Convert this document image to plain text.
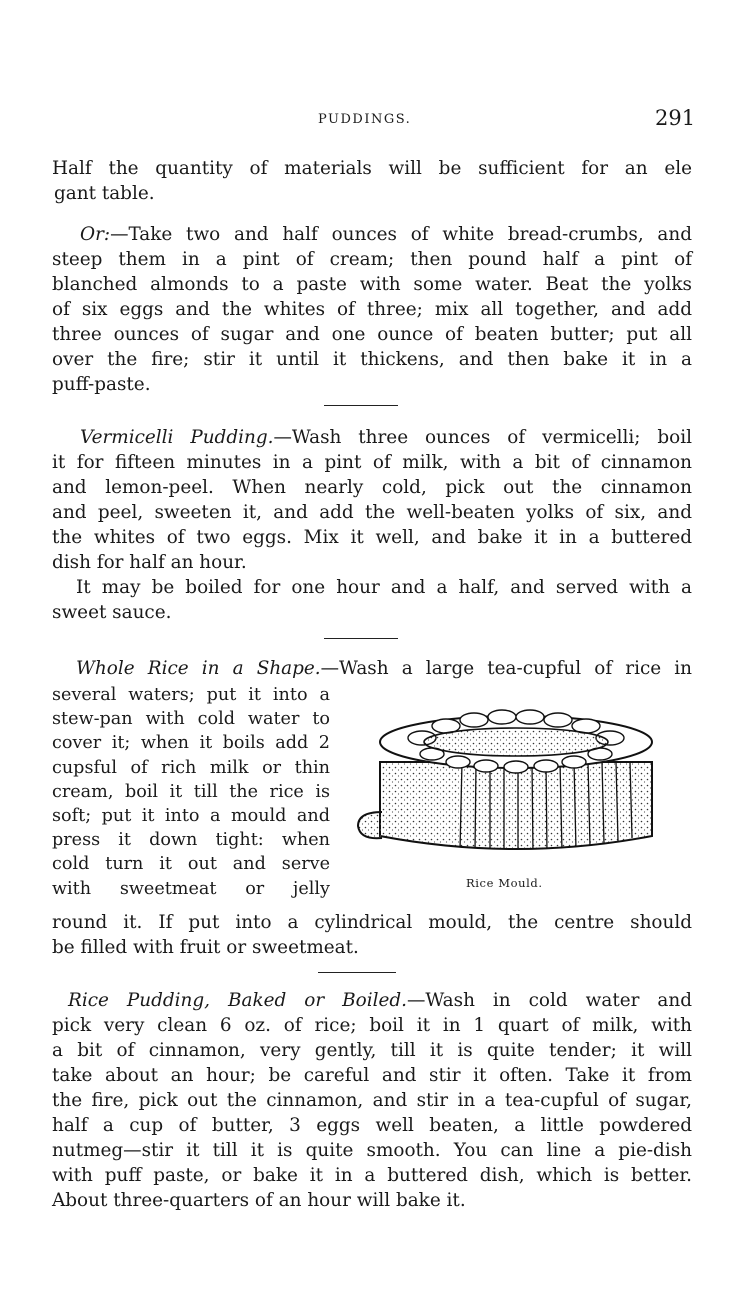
PUDDINGS.	291
Half the quantity of materials will be sufficient for an ele
gant table.
Or:—Take two and half ounces of white bread-crumbs, and
steep them in a pint of cream; then pound half a pint of
blanched almonds to a paste with some water. Beat the yolks
of six eggs and the whites of three; mix all together, and add
three ounces of sugar and one ounce of beaten butter; put all
over the fire; stir it until it thickens, and then bake it in a
puff-paste.
Vermicelli Pudding.—Wash three ounces of vermicelli; boil
it for fifteen minutes in a pint of milk, with a bit of cinnamon
and lemon-peel. When nearly cold, pick out the cinnamon
and peel, sweeten it, and add the well-beaten yolks of six, and
the whites of two eggs. Mix it well, and bake it in a buttered
dish for half an hour.
It may be boiled for one hour and a half, and served with a
sweet sauce.
Whole Rice in a Shape.—Wash a large tea-cupful of rice in
several waters; put it into a
stew-pan with cold water to
cover it; when it boils add 2
cupsful of rich milk or thin
cream, boil it till the rice is
soft; put it into a mould and
press it down tight: when
cold turn it out and serve
with sweetmeat or jelly
round it. If put into a cylindrical mould, the centre should
be filled with fruit or sweetmeat.
Rice Mould.
Rice Pudding, Baked or Boiled.—Wash in cold water and
pick very clean 6 oz. of rice; boil it in 1 quart of milk, with
a bit of cinnamon, very gently, till it is quite tender; it will
take about an hour; be careful and stir it often. Take it from
the fire, pick out the cinnamon, and stir in a tea-cupful of sugar,
half a cup of butter, 3 eggs well beaten, a little powdered
nutmeg—stir it till it is quite smooth. You can line a pie-dish
with puff paste, or bake it in a buttered dish, which is better.
About three-quarters of an hour will bake it.
